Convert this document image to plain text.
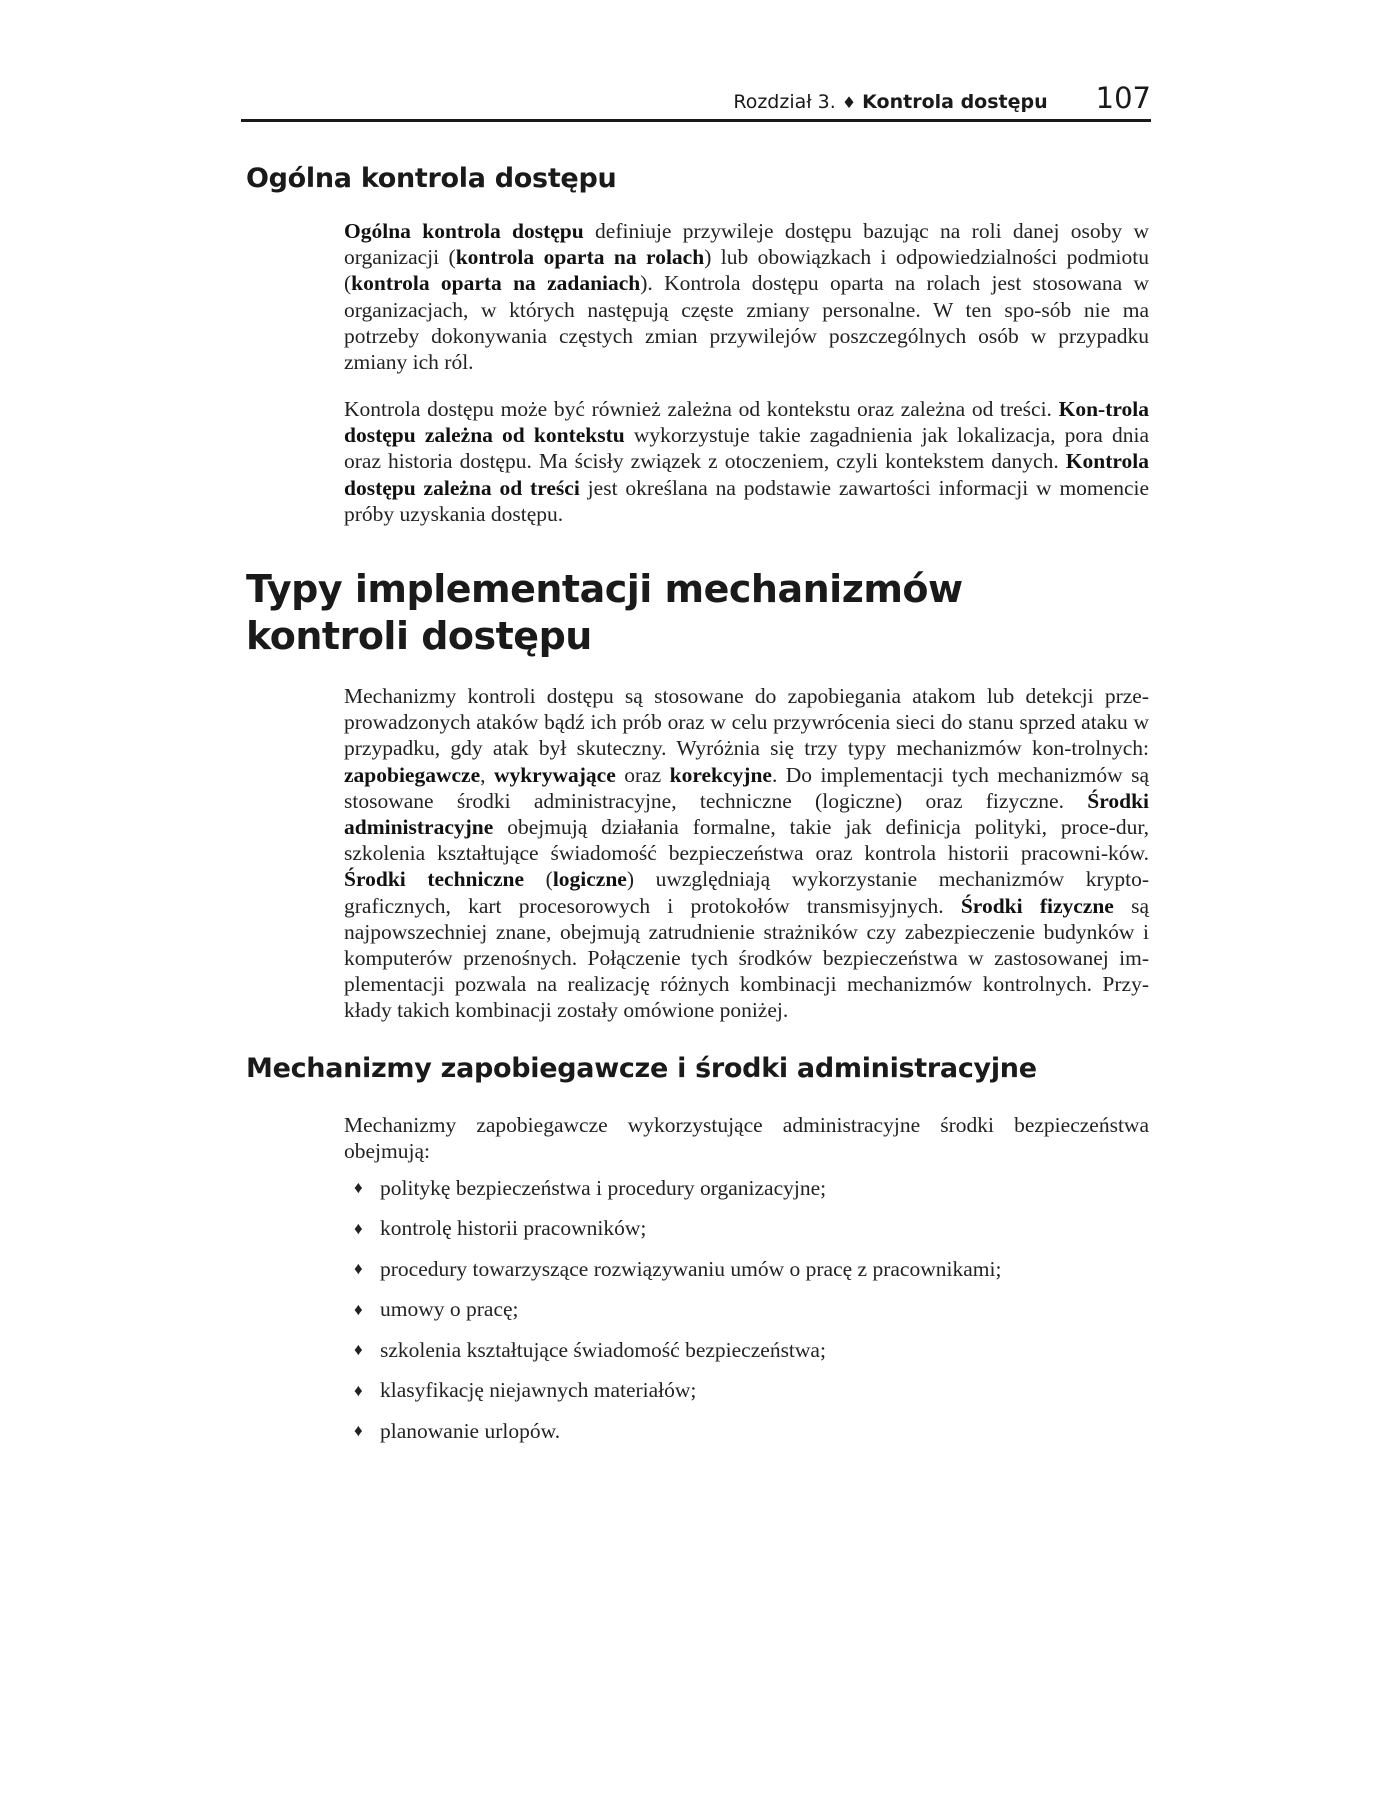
Rozdział 3. ♦ Kontrola dostępu 107
Ogólna kontrola dostępu

Ogólna kontrola dostępu definiuje przywileje dostępu bazując na roli danej osoby w organizacji (kontrola oparta na rolach) lub obowiązkach i odpowiedzialności podmiotu (kontrola oparta na zadaniach). Kontrola dostępu oparta na rolach jest stosowana w organizacjach, w których następują częste zmiany personalne. W ten spo-sób nie ma potrzeby dokonywania częstych zmian przywilejów poszczególnych osób w przypadku zmiany ich ról.

Kontrola dostępu może być również zależna od kontekstu oraz zależna od treści. Kon-trola dostępu zależna od kontekstu wykorzystuje takie zagadnienia jak lokalizacja, pora dnia oraz historia dostępu. Ma ścisły związek z otoczeniem, czyli kontekstem danych. Kontrola dostępu zależna od treści jest określana na podstawie zawartości informacji w momencie próby uzyskania dostępu.

Typy implementacji mechanizmów
kontroli dostępu

Mechanizmy kontroli dostępu są stosowane do zapobiegania atakom lub detekcji prze-prowadzonych ataków bądź ich prób oraz w celu przywrócenia sieci do stanu sprzed ataku w przypadku, gdy atak był skuteczny. Wyróżnia się trzy typy mechanizmów kon-trolnych: zapobiegawcze, wykrywające oraz korekcyjne. Do implementacji tych mechanizmów są stosowane środki administracyjne, techniczne (logiczne) oraz fizyczne. Środki administracyjne obejmują działania formalne, takie jak definicja polityki, proce-dur, szkolenia kształtujące świadomość bezpieczeństwa oraz kontrola historii pracowni-ków. Środki techniczne (logiczne) uwzględniają wykorzystanie mechanizmów krypto-graficznych, kart procesorowych i protokołów transmisyjnych. Środki fizyczne są najpowszechniej znane, obejmują zatrudnienie strażników czy zabezpieczenie budynków i komputerów przenośnych. Połączenie tych środków bezpieczeństwa w zastosowanej im-plementacji pozwala na realizację różnych kombinacji mechanizmów kontrolnych. Przy-kłady takich kombinacji zostały omówione poniżej.

Mechanizmy zapobiegawcze i środki administracyjne

Mechanizmy zapobiegawcze wykorzystujące administracyjne środki bezpieczeństwa obejmują:

♦ politykę bezpieczeństwa i procedury organizacyjne;
♦ kontrolę historii pracowników;
♦ procedury towarzyszące rozwiązywaniu umów o pracę z pracownikami;
♦ umowy o pracę;
♦ szkolenia kształtujące świadomość bezpieczeństwa;
♦ klasyfikację niejawnych materiałów;
♦ planowanie urlopów.
